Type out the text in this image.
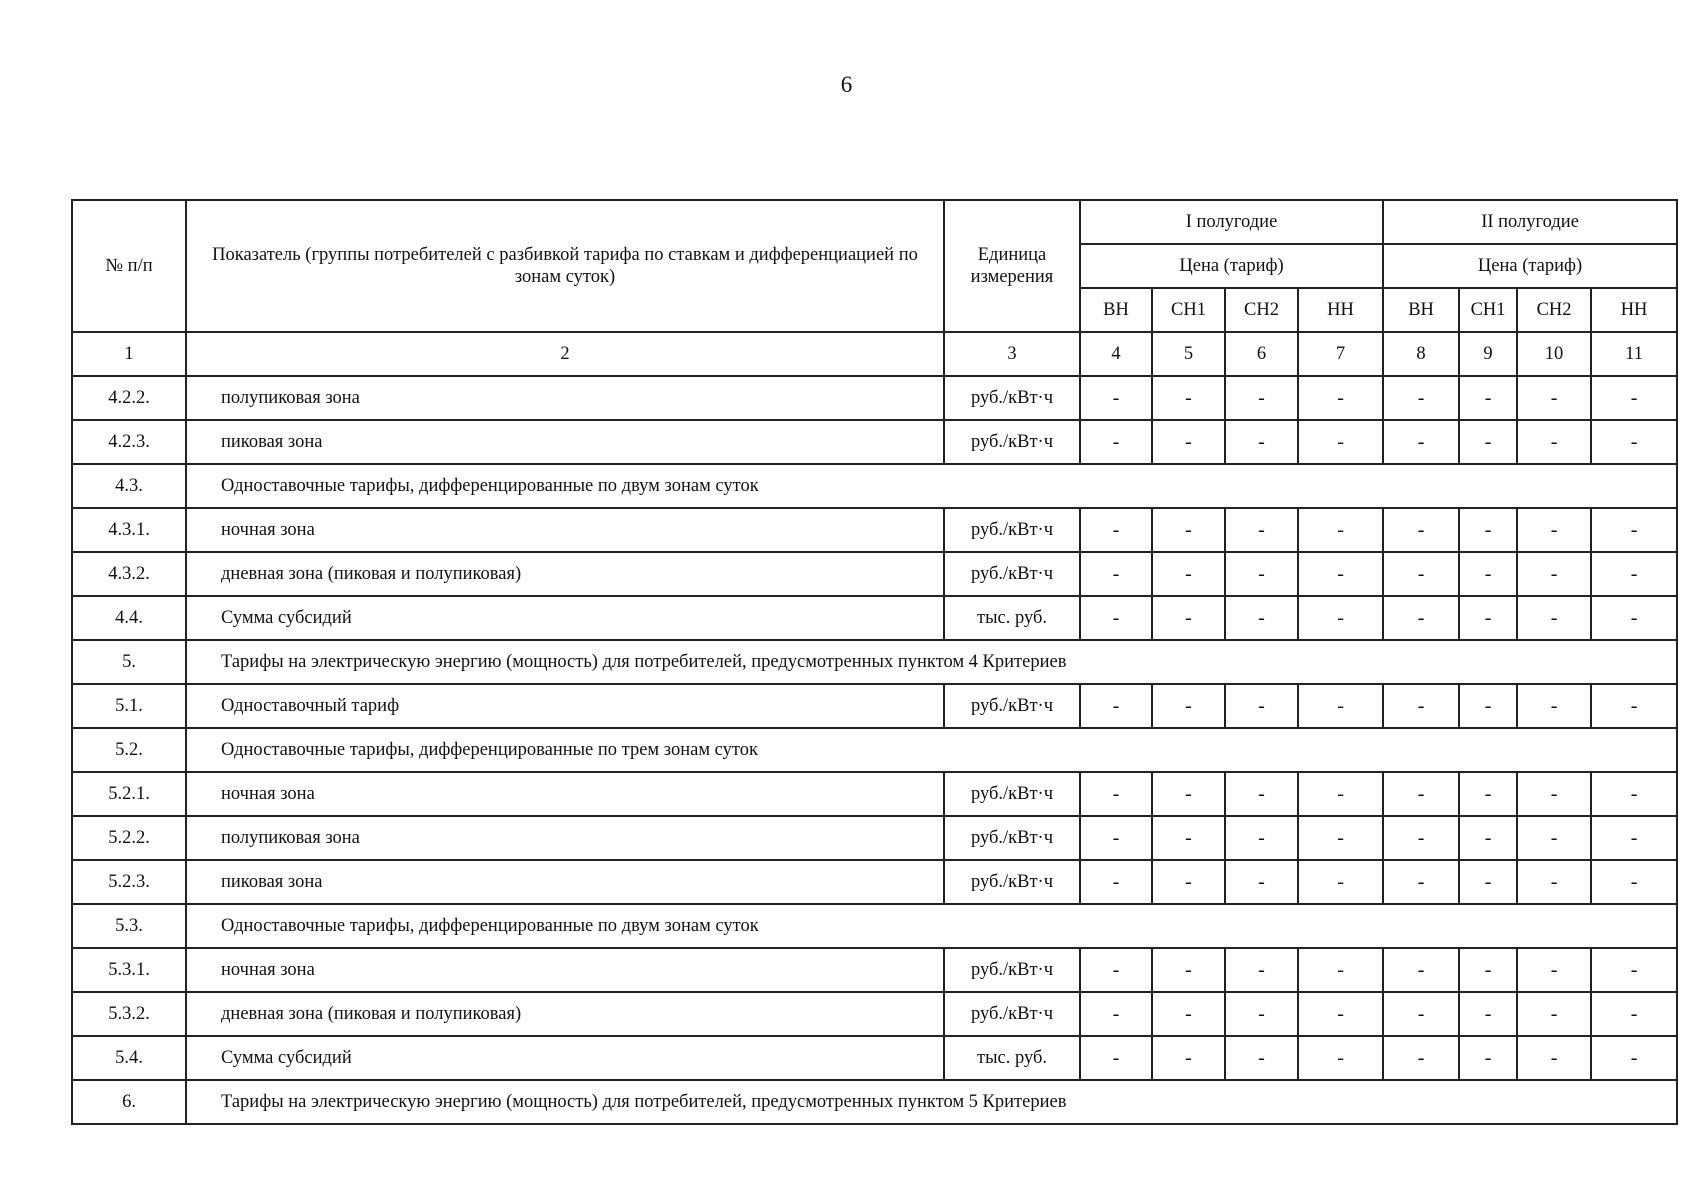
6
№ п/п	Показатель (группы потребителей с разбивкой тарифа по ставкам и дифференциацией по зонам суток)	Единица измерения	I полугодие				II полугодие			
			Цена (тариф)				Цена (тариф)			
			ВН	СН1	СН2	НН	ВН	СН1	СН2	НН
1	2	3	4	5	6	7	8	9	10	11
4.2.2.	полупиковая зона	руб./кВт·ч	-	-	-	-	-	-	-	-
4.2.3.	пиковая зона	руб./кВт·ч	-	-	-	-	-	-	-	-
4.3.	Одноставочные тарифы, дифференцированные по двум зонам суток									
4.3.1.	ночная зона	руб./кВт·ч	-	-	-	-	-	-	-	-
4.3.2.	дневная зона (пиковая и полупиковая)	руб./кВт·ч	-	-	-	-	-	-	-	-
4.4.	Сумма субсидий	тыс. руб.	-	-	-	-	-	-	-	-
5.	Тарифы на электрическую энергию (мощность) для потребителей, предусмотренных пунктом 4 Критериев									
5.1.	Одноставочный тариф	руб./кВт·ч	-	-	-	-	-	-	-	-
5.2.	Одноставочные тарифы, дифференцированные по трем зонам суток									
5.2.1.	ночная зона	руб./кВт·ч	-	-	-	-	-	-	-	-
5.2.2.	полупиковая зона	руб./кВт·ч	-	-	-	-	-	-	-	-
5.2.3.	пиковая зона	руб./кВт·ч	-	-	-	-	-	-	-	-
5.3.	Одноставочные тарифы, дифференцированные по двум зонам суток									
5.3.1.	ночная зона	руб./кВт·ч	-	-	-	-	-	-	-	-
5.3.2.	дневная зона (пиковая и полупиковая)	руб./кВт·ч	-	-	-	-	-	-	-	-
5.4.	Сумма субсидий	тыс. руб.	-	-	-	-	-	-	-	-
6.	Тарифы на электрическую энергию (мощность) для потребителей, предусмотренных пунктом 5 Критериев									
